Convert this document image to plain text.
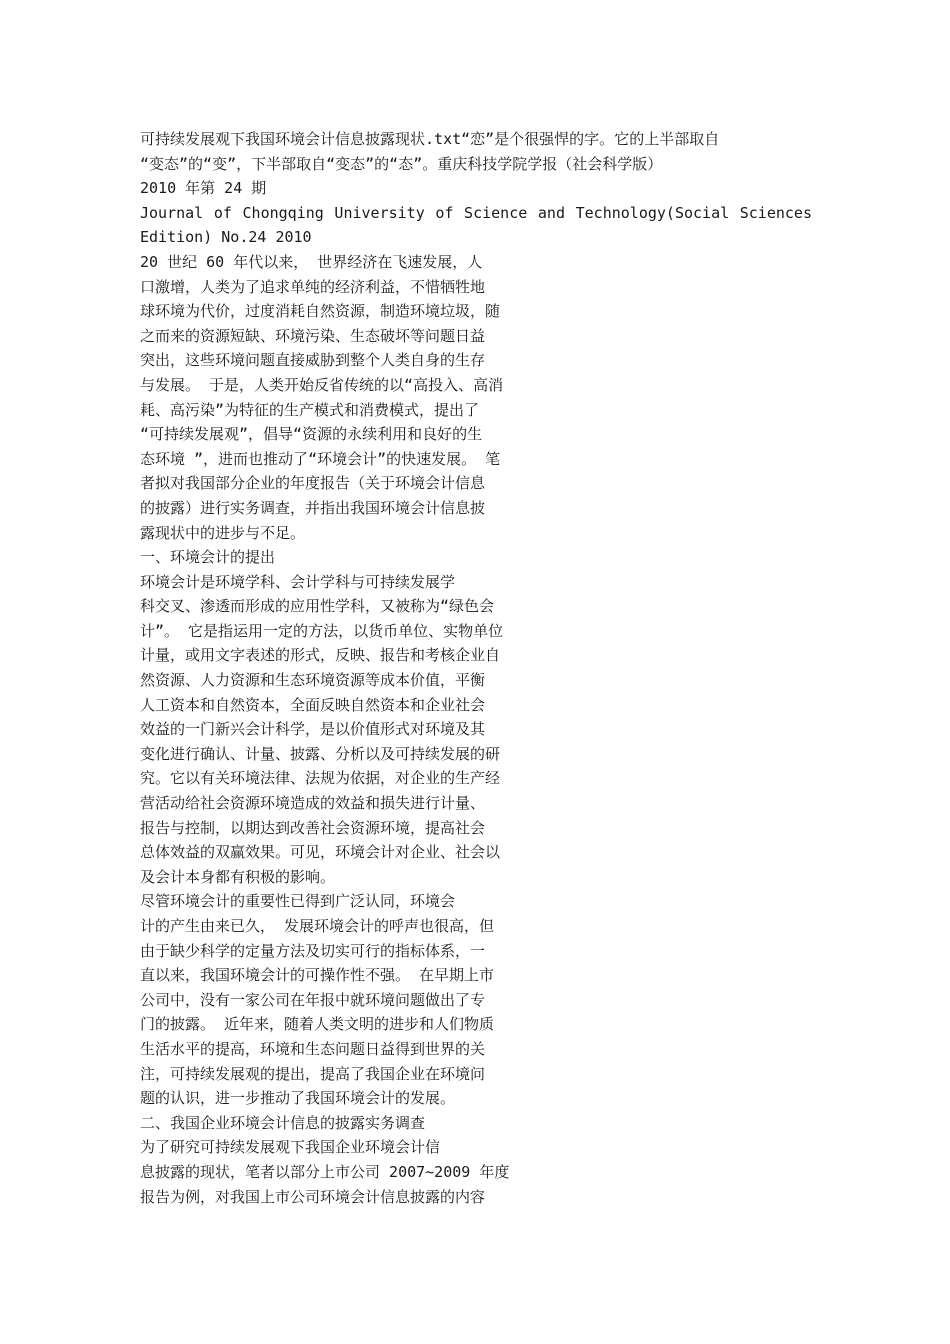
可持续发展观下我国环境会计信息披露现状.txt“恋”是个很强悍的字。它的上半部取自
“变态”的“变”，下半部取自“变态”的“态”。重庆科技学院学报（社会科学版）
2010 年第 24 期
Journal of Chongqing University of Science and Technology(Social Sciences
Edition) No.24 2010
20 世纪 60 年代以来， 世界经济在飞速发展，人
口激增，人类为了追求单纯的经济利益，不惜牺牲地
球环境为代价，过度消耗自然资源，制造环境垃圾，随
之而来的资源短缺、环境污染、生态破坏等问题日益
突出，这些环境问题直接威胁到整个人类自身的生存
与发展。 于是，人类开始反省传统的以“高投入、高消
耗、高污染”为特征的生产模式和消费模式，提出了
“可持续发展观”，倡导“资源的永续利用和良好的生
态环境 ”，进而也推动了“环境会计”的快速发展。 笔
者拟对我国部分企业的年度报告（关于环境会计信息
的披露）进行实务调查，并指出我国环境会计信息披
露现状中的进步与不足。
一、环境会计的提出
环境会计是环境学科、会计学科与可持续发展学
科交叉、渗透而形成的应用性学科，又被称为“绿色会
计”。 它是指运用一定的方法，以货币单位、实物单位
计量，或用文字表述的形式，反映、报告和考核企业自
然资源、人力资源和生态环境资源等成本价值，平衡
人工资本和自然资本，全面反映自然资本和企业社会
效益的一门新兴会计科学，是以价值形式对环境及其
变化进行确认、计量、披露、分析以及可持续发展的研
究。它以有关环境法律、法规为依据，对企业的生产经
营活动给社会资源环境造成的效益和损失进行计量、
报告与控制，以期达到改善社会资源环境，提高社会
总体效益的双赢效果。可见，环境会计对企业、社会以
及会计本身都有积极的影响。
尽管环境会计的重要性已得到广泛认同，环境会
计的产生由来已久， 发展环境会计的呼声也很高，但
由于缺少科学的定量方法及切实可行的指标体系，一
直以来，我国环境会计的可操作性不强。 在早期上市
公司中，没有一家公司在年报中就环境问题做出了专
门的披露。 近年来，随着人类文明的进步和人们物质
生活水平的提高，环境和生态问题日益得到世界的关
注，可持续发展观的提出，提高了我国企业在环境问
题的认识，进一步推动了我国环境会计的发展。
二、我国企业环境会计信息的披露实务调查
为了研究可持续发展观下我国企业环境会计信
息披露的现状，笔者以部分上市公司 2007~2009 年度
报告为例，对我国上市公司环境会计信息披露的内容
